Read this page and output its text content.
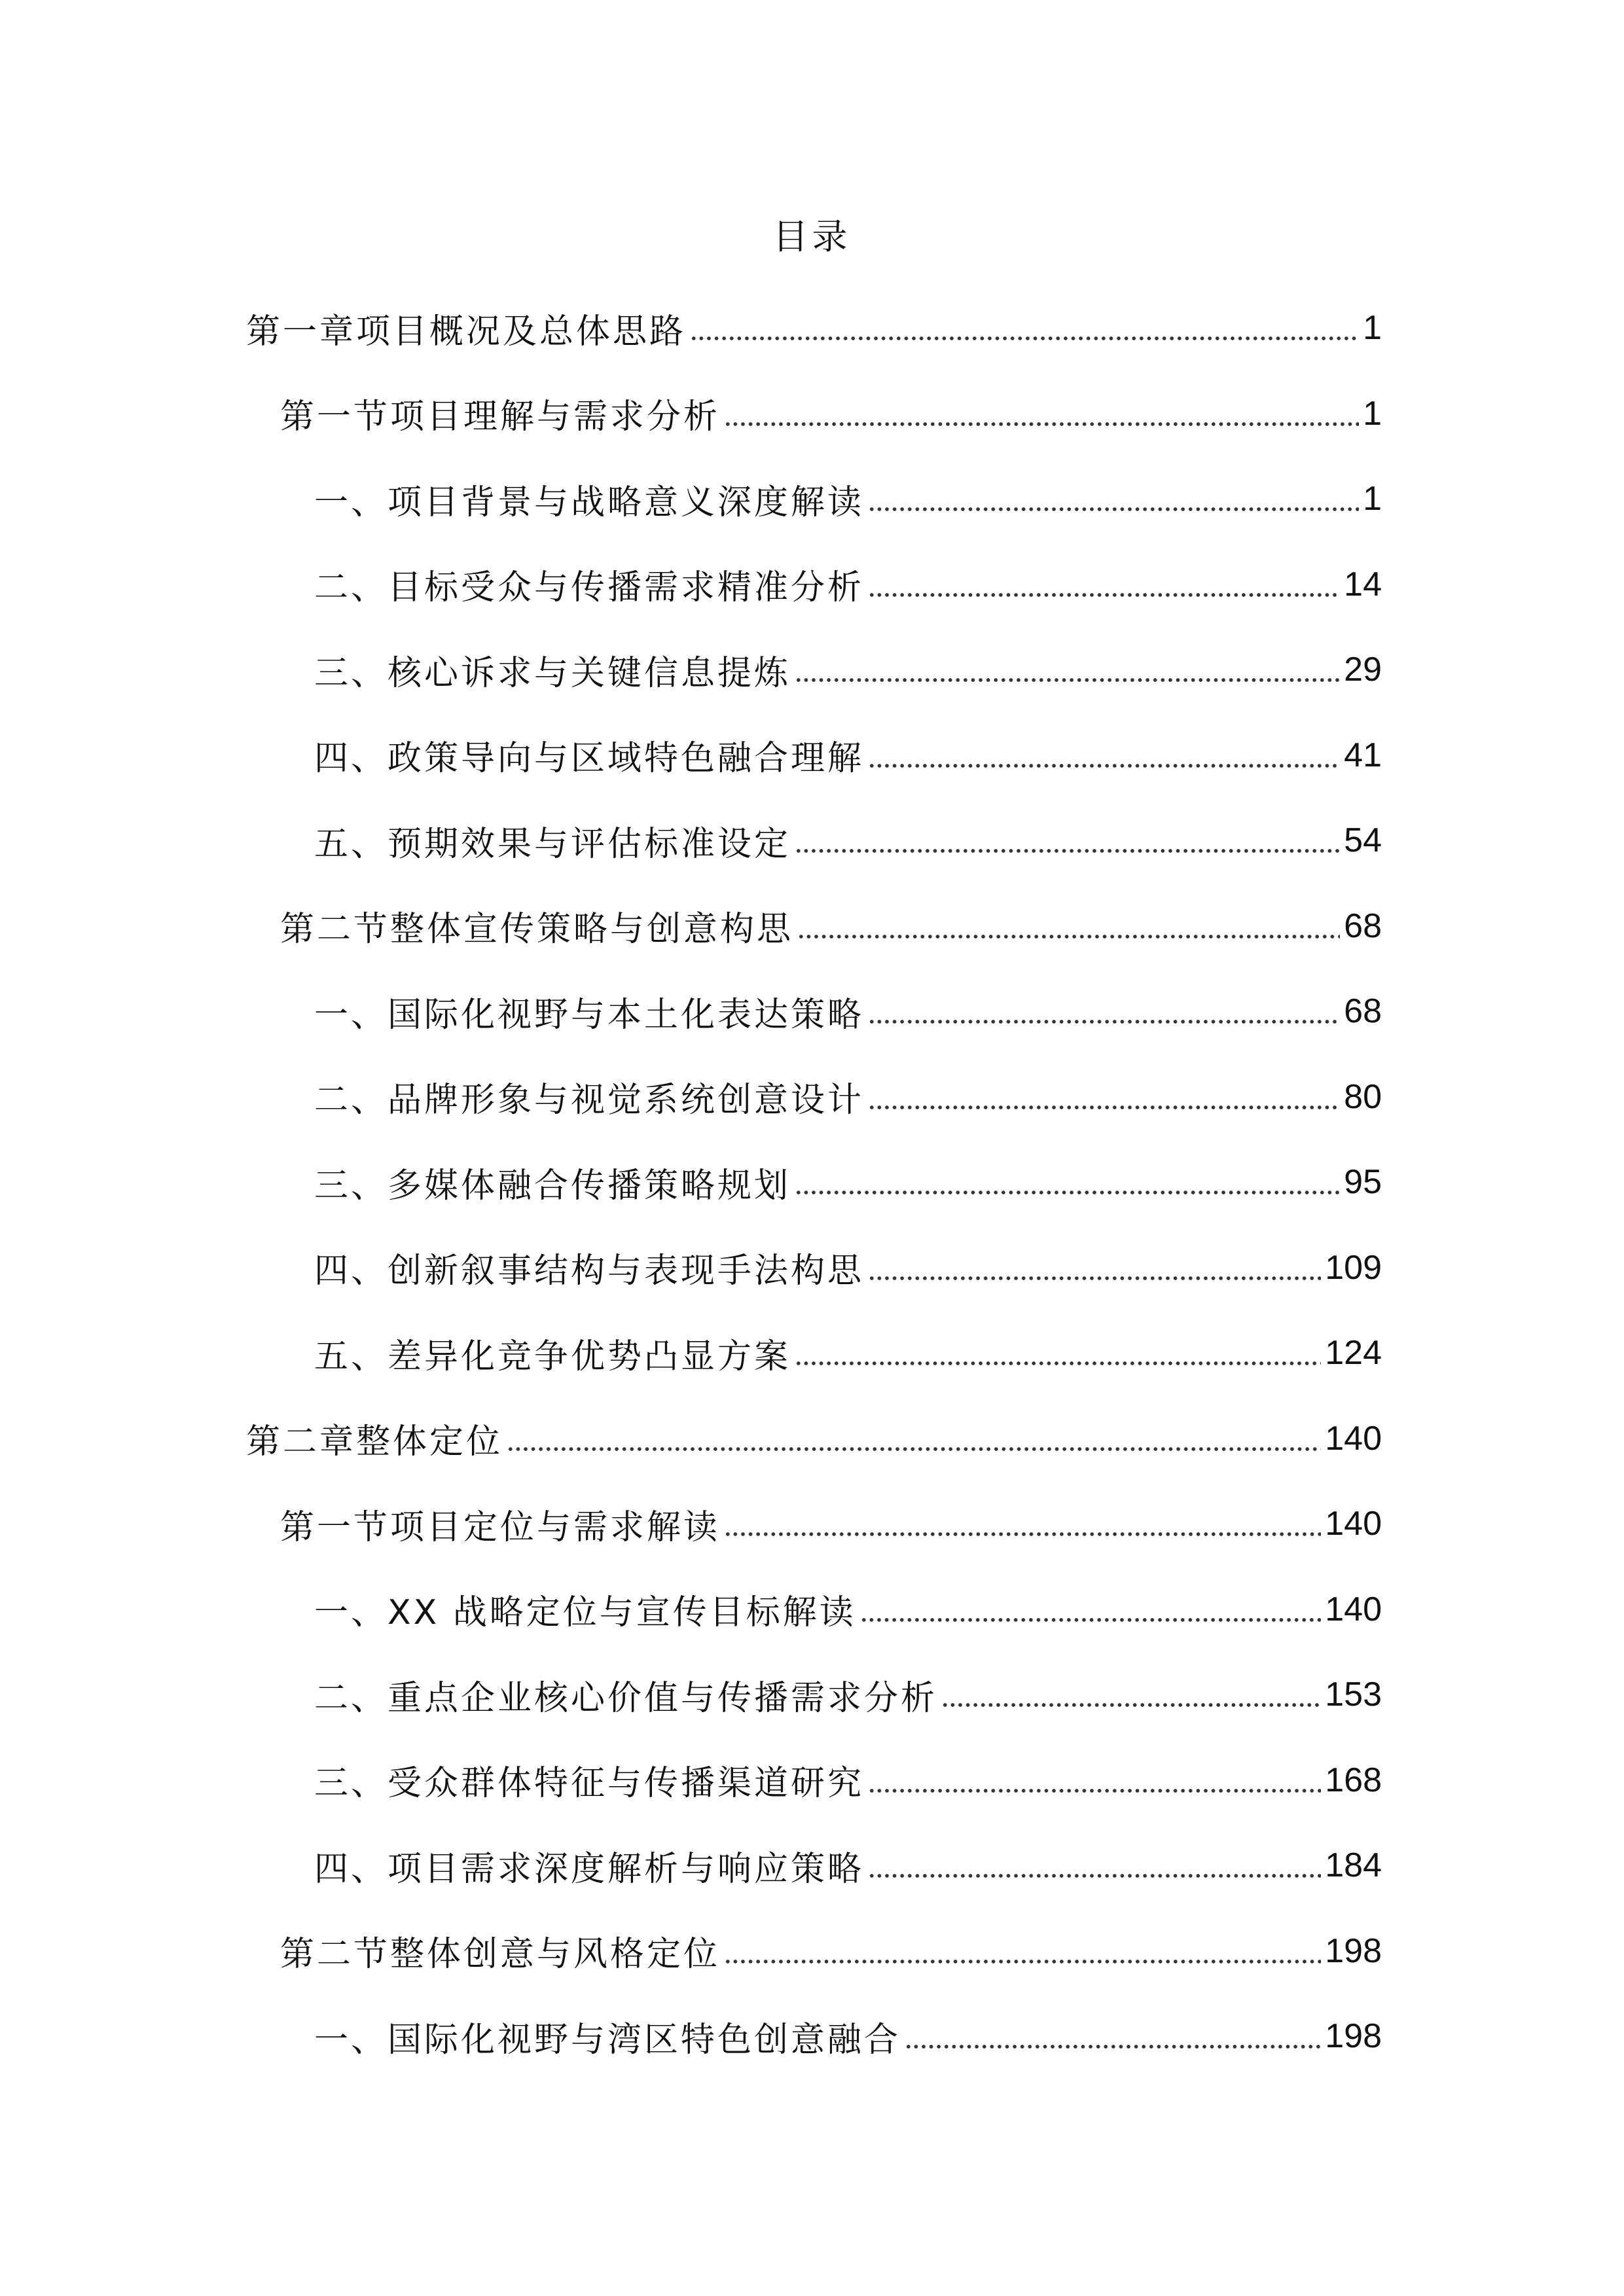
目录
第一章项目概况及总体思路	1
第一节项目理解与需求分析	1
一、项目背景与战略意义深度解读	1
二、目标受众与传播需求精准分析	14
三、核心诉求与关键信息提炼	29
四、政策导向与区域特色融合理解	41
五、预期效果与评估标准设定	54
第二节整体宣传策略与创意构思	68
一、国际化视野与本土化表达策略	68
二、品牌形象与视觉系统创意设计	80
三、多媒体融合传播策略规划	95
四、创新叙事结构与表现手法构思	109
五、差异化竞争优势凸显方案	124
第二章整体定位	140
第一节项目定位与需求解读	140
一、XX 战略定位与宣传目标解读	140
二、重点企业核心价值与传播需求分析	153
三、受众群体特征与传播渠道研究	168
四、项目需求深度解析与响应策略	184
第二节整体创意与风格定位	198
一、国际化视野与湾区特色创意融合	198
